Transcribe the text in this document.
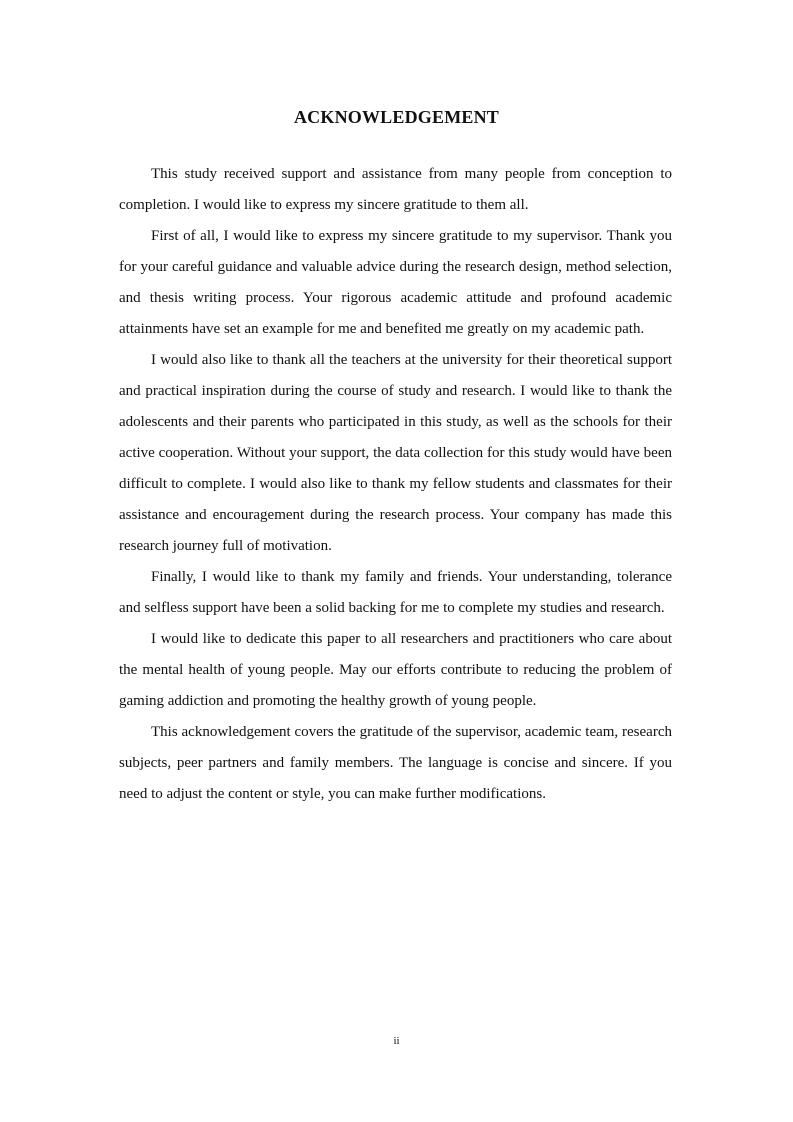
ACKNOWLEDGEMENT

This study received support and assistance from many people from conception to completion. I would like to express my sincere gratitude to them all.

First of all, I would like to express my sincere gratitude to my supervisor. Thank you for your careful guidance and valuable advice during the research design, method selection, and thesis writing process. Your rigorous academic attitude and profound academic attainments have set an example for me and benefited me greatly on my academic path.

I would also like to thank all the teachers at the university for their theoretical support and practical inspiration during the course of study and research. I would like to thank the adolescents and their parents who participated in this study, as well as the schools for their active cooperation. Without your support, the data collection for this study would have been difficult to complete. I would also like to thank my fellow students and classmates for their assistance and encouragement during the research process. Your company has made this research journey full of motivation.

Finally, I would like to thank my family and friends. Your understanding, tolerance and selfless support have been a solid backing for me to complete my studies and research.

I would like to dedicate this paper to all researchers and practitioners who care about the mental health of young people. May our efforts contribute to reducing the problem of gaming addiction and promoting the healthy growth of young people.

This acknowledgement covers the gratitude of the supervisor, academic team, research subjects, peer partners and family members. The language is concise and sincere. If you need to adjust the content or style, you can make further modifications.

ii
